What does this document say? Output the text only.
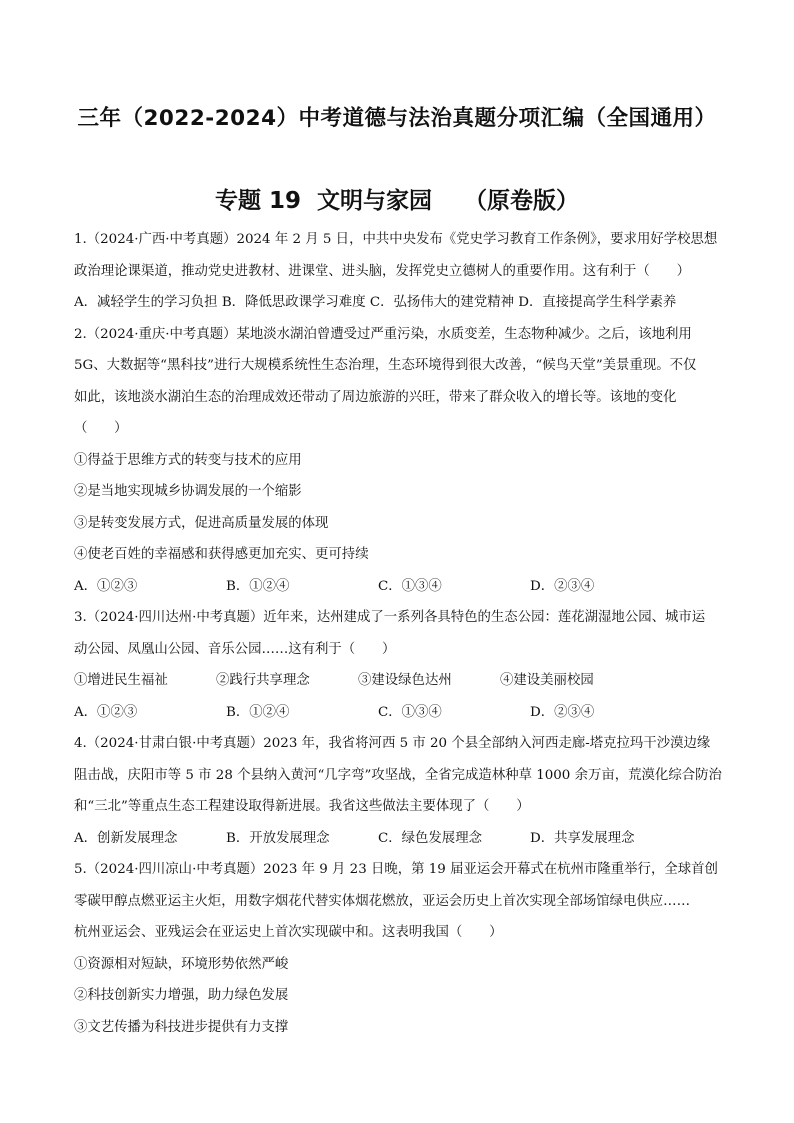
三年（2022-2024）中考道德与法治真题分项汇编（全国通用）
专题 19  文明与家园    （原卷版）
1.（2024·广西·中考真题）2024 年 2 月 5 日，中共中央发布《党史学习教育工作条例》，要求用好学校思想
政治理论课渠道，推动党史进教材、进课堂、进头脑，发挥党史立德树人的重要作用。这有利于（　　）
A．减轻学生的学习负担 B．降低思政课学习难度 C．弘扬伟大的建党精神 D．直接提高学生科学素养
2.（2024·重庆·中考真题）某地淡水湖泊曾遭受过严重污染，水质变差，生态物种减少。之后，该地利用
5G、大数据等“黑科技”进行大规模系统性生态治理，生态环境得到很大改善，“候鸟天堂”美景重现。不仅
如此，该地淡水湖泊生态的治理成效还带动了周边旅游的兴旺，带来了群众收入的增长等。该地的变化
（　　）
①得益于思维方式的转变与技术的应用
②是当地实现城乡协调发展的一个缩影
③是转变发展方式，促进高质量发展的体现
④使老百姓的幸福感和获得感更加充实、更可持续
A．①②③	B．①②④	C．①③④	D．②③④
3.（2024·四川达州·中考真题）近年来，达州建成了一系列各具特色的生态公园：莲花湖湿地公园、城市运
动公园、凤凰山公园、音乐公园……这有利于（　　）
①增进民生福祉	②践行共享理念	③建设绿色达州	④建设美丽校园
A．①②③	B．①②④	C．①③④	D．②③④
4.（2024·甘肃白银·中考真题）2023 年，我省将河西 5 市 20 个县全部纳入河西走廊-塔克拉玛干沙漠边缘
阻击战，庆阳市等 5 市 28 个县纳入黄河“几字弯”攻坚战，全省完成造林种草 1000 余万亩，荒漠化综合防治
和“三北”等重点生态工程建设取得新进展。我省这些做法主要体现了（　　）
A．创新发展理念	B．开放发展理念	C．绿色发展理念	D．共享发展理念
5.（2024·四川凉山·中考真题）2023 年 9 月 23 日晚，第 19 届亚运会开幕式在杭州市隆重举行，全球首创
零碳甲醇点燃亚运主火炬，用数字烟花代替实体烟花燃放，亚运会历史上首次实现全部场馆绿电供应……
杭州亚运会、亚残运会在亚运史上首次实现碳中和。这表明我国（　　）
①资源相对短缺，环境形势依然严峻
②科技创新实力增强，助力绿色发展
③文艺传播为科技进步提供有力支撑
